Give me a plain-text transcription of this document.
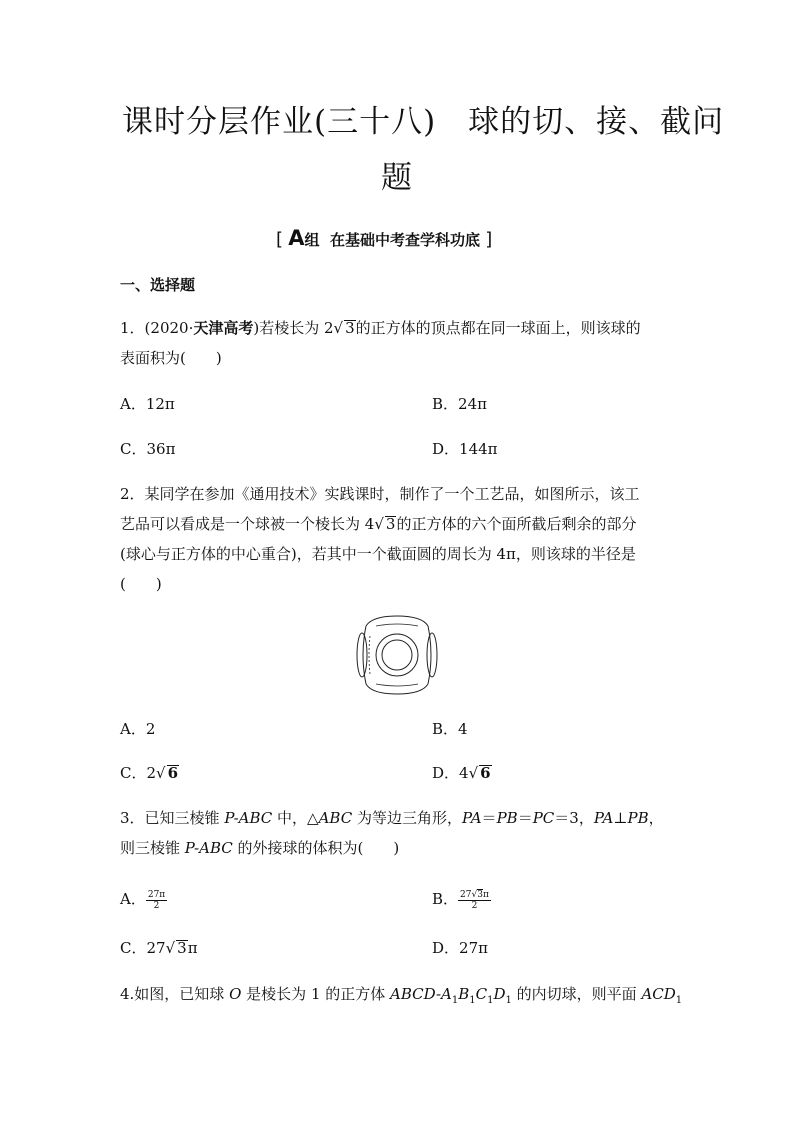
课时分层作业(三十八)　球的切、接、截问
题
[ A组 在基础中考查学科功底 ]
一、选择题
1．(2020·天津高考)若棱长为 2√ 3的正方体的顶点都在同一球面上，则该球的
表面积为(　　)
A．12π	B．24π
C．36π	D．144π
2．某同学在参加《通用技术》实践课时，制作了一个工艺品，如图所示，该工
艺品可以看成是一个球被一个棱长为 4√ 3的正方体的六个面所截后剩余的部分
(球心与正方体的中心重合)，若其中一个截面圆的周长为 4π，则该球的半径是
(　　)
A．2	B．4
C．2√ 6	D．4√ 6
3．已知三棱锥 P-ABC 中，△ABC 为等边三角形，PA＝PB＝PC＝3，PA⊥PB，
则三棱锥 P-ABC 的外接球的体积为(　　)
A． $\frac{27\pi}{2}$	B． $\frac{27√3\pi}{2}$
C．27√ 3π	D．27π
4.如图，已知球 O 是棱长为 1 的正方体 ABCD-$A_1B_1C_1D_1$ 的内切球，则平面 $ACD_1$
